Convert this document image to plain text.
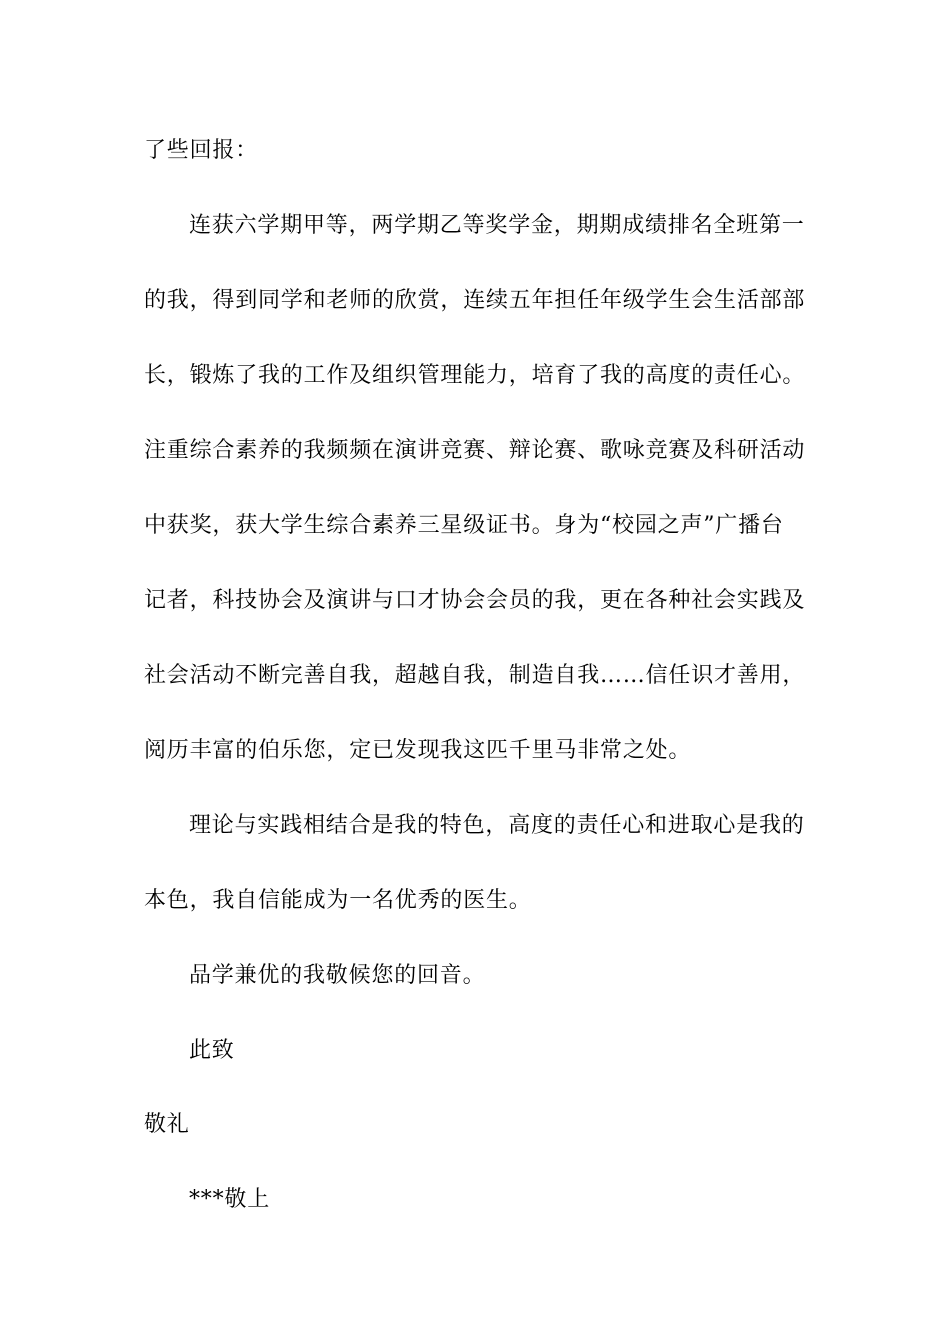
了些回报：
连获六学期甲等，两学期乙等奖学金，期期成绩排名全班第一
的我，得到同学和老师的欣赏，连续五年担任年级学生会生活部部
长，锻炼了我的工作及组织管理能力，培育了我的高度的责任心。
注重综合素养的我频频在演讲竞赛、辩论赛、歌咏竞赛及科研活动
中获奖，获大学生综合素养三星级证书。身为“校园之声”广播台
记者，科技协会及演讲与口才协会会员的我，更在各种社会实践及
社会活动不断完善自我，超越自我，制造自我……信任识才善用，
阅历丰富的伯乐您，定已发现我这匹千里马非常之处。
理论与实践相结合是我的特色，高度的责任心和进取心是我的
本色，我自信能成为一名优秀的医生。
品学兼优的我敬候您的回音。
此致
敬礼
***敬上
